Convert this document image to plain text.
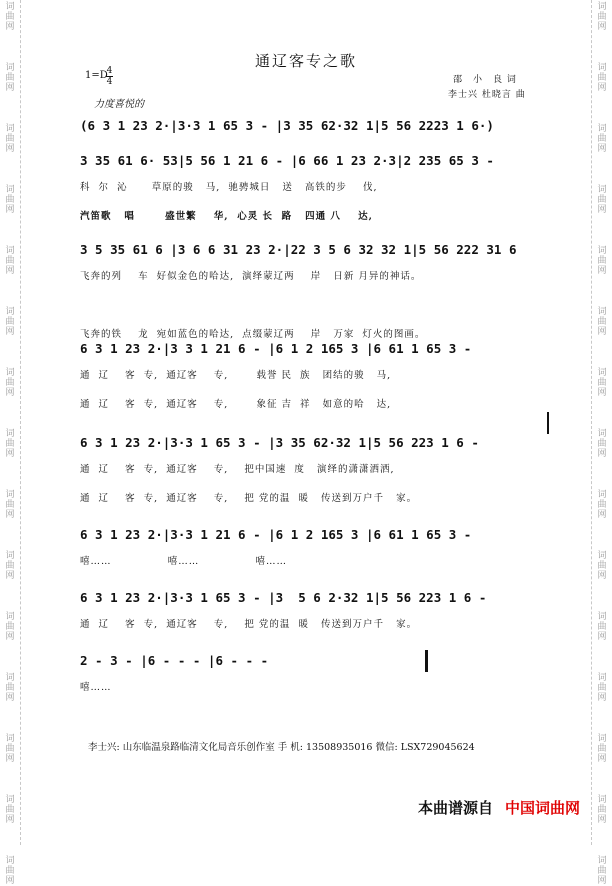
词
曲
网
词
曲
网
词
曲
网
词
曲
网
词
曲
网
词
曲
网
词
曲
网
词
曲
网
词
曲
网
词
曲
网
词
曲
网
词
曲
网
词
曲
网
词
曲
网
词
曲
网
词
曲
网
词
曲
网
词
曲
网
词
曲
网
词
曲
网
词
曲
网
词
曲
网
词
曲
网
词
曲
网
词
曲
网
词
曲
网
词
曲
网
词
曲
网
词
曲
网
词
曲
网
通辽客专之歌
1=D
4
4
力度喜悦的
邵　小　良 词
李士兴 杜晓言 曲
(6 3 1 23 2·|3·3 1 65 3 - |3 35 62·32 1|5 56 2223 1 6·)
3 35 61 6· 53|5 56 1 21 6 - |6 66 1 23 2·3|2 235 65 3 -
科  尔  沁      草原的骏   马,  驰骋城日   送   高铁的步    伐,
汽笛歌   唱       盛世繁    华,  心灵 长  路   四通 八    达,
3 5 35 61 6 |3 6 6 31 23 2·|22 3 5 6 32 32 1|5 56 222 31 6
飞奔的列    车  好似金色的哈达,  演绎蒙辽两    岸   日新 月异的神话。
飞奔的铁    龙  宛如蓝色的哈达,  点缀蒙辽两    岸   万家  灯火的图画。
6 3 1 23 2·|3 3 1 21 6 - |6 1 2 165 3 |6 61 1 65 3 -
通  辽    客  专,  通辽客    专,       载誉 民  族   团结的骏   马,
通  辽    客  专,  通辽客    专,       象征 吉  祥   如意的哈   达,
6 3 1 23 2·|3·3 1 65 3 - |3 35 62·32 1|5 56 223 1 6 -
通  辽    客  专,  通辽客    专,    把中国速  度   演绎的潇潇洒洒,
通  辽    客  专,  通辽客    专,    把 党的温  暖   传送到万户千   家。
6 3 1 23 2·|3·3 1 21 6 - |6 1 2 165 3 |6 61 1 65 3 -
嘻……              嘻……              嘻……
6 3 1 23 2·|3·3 1 65 3 - |3  5 6 2·32 1|5 56 223 1 6 -
通  辽    客  专,  通辽客    专,    把 党的温  暖   传送到万户千   家。
2 - 3 - |6 - - - |6 - - -
嘻……
李士兴: 山东临温泉路临清文化局音乐创作室 手 机: 13508935016 微信: LSX729045624
本曲谱源自 中国词曲网
